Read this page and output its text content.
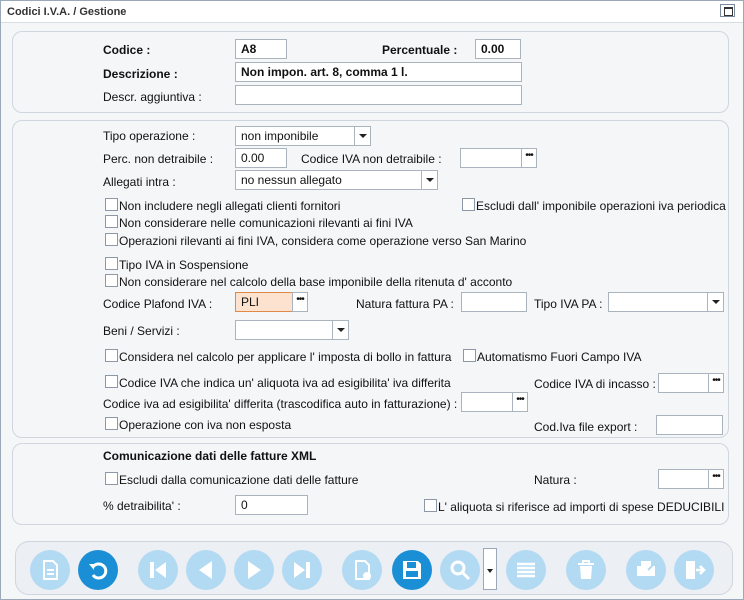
Codici I.V.A. / Gestione
Codice :	A8	Percentuale :	0.00
Descrizione :	Non impon. art. 8, comma 1 l.
Descr. aggiuntiva :
Tipo operazione :	non imponibile
Perc. non detraibile :	0.00	Codice IVA non detraibile :	•••
Allegati intra :	no nessun allegato
Non includere negli allegati clienti fornitori	Escludi dall' imponibile operazioni iva periodica
Non considerare nelle comunicazioni rilevanti ai fini IVA
Operazioni rilevanti ai fini IVA, considera come operazione verso San Marino
Tipo IVA in Sospensione
Non considerare nel calcolo della base imponibile della ritenuta d' acconto
Codice Plafond IVA :	PLI	•••	Natura fattura PA :	Tipo IVA PA :
Beni / Servizi :
Considera nel calcolo per applicare l' imposta di bollo in fattura Automatismo Fuori Campo IVA
Codice IVA che indica un' aliquota iva ad esigibilita' iva differita	Codice IVA di incasso :	•••
Codice iva ad esigibilita' differita (trascodifica auto in fatturazione) :	•••
Operazione con iva non esposta	Cod.Iva file export :
Comunicazione dati delle fatture XML
Escludi dalla comunicazione dati delle fatture	Natura :	•••
% detraibilita' :	0	L' aliquota si riferisce ad importi di spese DEDUCIBILI
